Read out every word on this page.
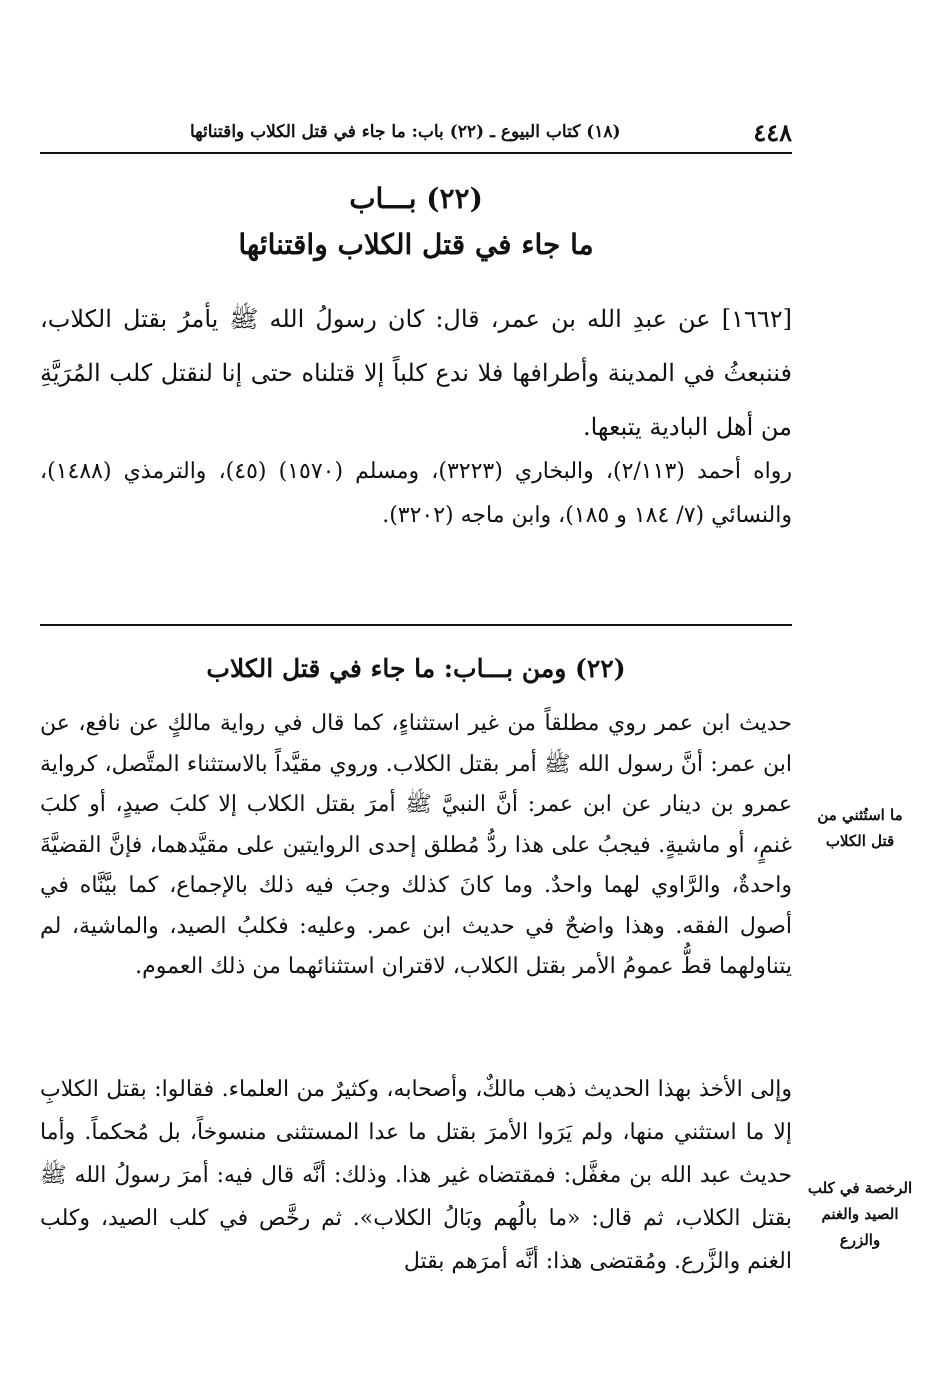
٤٤٨
(١٨) كتاب البيوع ـ (٢٢) باب: ما جاء في قتل الكلاب واقتنائها
(٢٢) بـــاب
ما جاء في قتل الكلاب واقتنائها
[١٦٦٢] عن عبدِ الله بن عمر، قال: كان رسولُ الله ﷺ يأمرُ بقتل الكلاب، فننبعثُ في المدينة وأطرافها فلا ندع كلباً إلا قتلناه حتى إنا لنقتل كلب المُرَيَّةِ من أهل البادية يتبعها.
رواه أحمد (٢/١١٣)، والبخاري (٣٢٢٣)، ومسلم (١٥٧٠) (٤٥)، والترمذي (١٤٨٨)، والنسائي (٧/ ١٨٤ و ١٨٥)، وابن ماجه (٣٢٠٢).
(٢٢) ومن بـــاب: ما جاء في قتل الكلاب
حديث ابن عمر روي مطلقاً من غير استثناءٍ، كما قال في رواية مالكٍ عن نافع، عن ابن عمر: أنَّ رسول الله ﷺ أمر بقتل الكلاب. وروي مقيَّداً بالاستثناء المتَّصل، كرواية عمرو بن دينار عن ابن عمر: أنَّ النبيَّ ﷺ أمرَ بقتل الكلاب إلا كلبَ صيدٍ، أو كلبَ غنمٍ، أو ماشيةٍ. فيجبُ على هذا ردُّ مُطلق إحدى الروايتين على مقيَّدهما، فإنَّ القضيَّةَ واحدةٌ، والرَّاوي لهما واحدٌ. وما كانَ كذلك وجبَ فيه ذلك بالإجماع، كما بيَّنَّاه في أصول الفقه. وهذا واضحٌ في حديث ابن عمر. وعليه: فكلبُ الصيد، والماشية، لم يتناولهما قطُّ عمومُ الأمر بقتل الكلاب، لاقتران استثنائهما من ذلك العموم.
وإلى الأخذ بهذا الحديث ذهب مالكٌ، وأصحابه، وكثيرٌ من العلماء. فقالوا: بقتل الكلابِ إلا ما استثني منها، ولم يَرَوا الأمرَ بقتل ما عدا المستثنى منسوخاً، بل مُحكماً. وأما حديث عبد الله بن مغفَّل: فمقتضاه غير هذا. وذلك: أنَّه قال فيه: أمرَ رسولُ الله ﷺ بقتل الكلاب، ثم قال: «ما بالُهم وبَالُ الكلاب». ثم رخَّص في كلب الصيد، وكلب الغنم والزَّرع. ومُقتضى هذا: أنَّه أمرَهم بقتل
ما استُثني من قتل الكلاب
الرخصة في كلب الصيد والغنم والزرع
